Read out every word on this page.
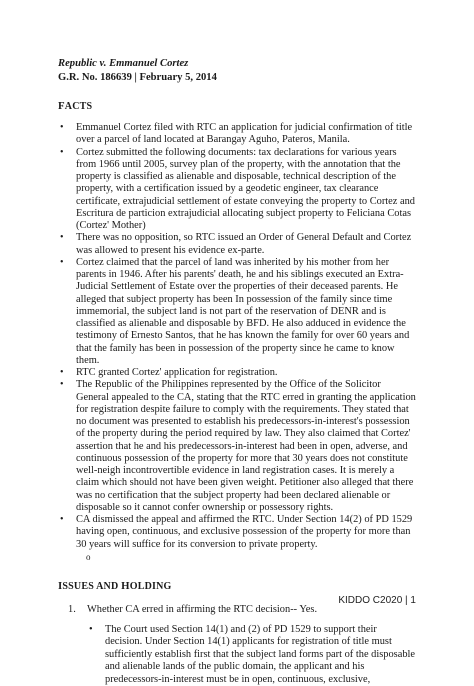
Republic v. Emmanuel Cortez
G.R. No. 186639 | February 5, 2014
FACTS
• Emmanuel Cortez filed with RTC an application for judicial confirmation of title over a parcel of land located at Barangay Aguho, Pateros, Manila.
• Cortez submitted the following documents: tax declarations for various years from 1966 until 2005, survey plan of the property, with the annotation that the property is classified as alienable and disposable, technical description of the property, with a certification issued by a geodetic engineer, tax clearance certificate, extrajudicial settlement of estate conveying the property to Cortez and Escritura de particion extrajudicial allocating subject property to Feliciana Cotas (Cortez' Mother)
• There was no opposition, so RTC issued an Order of General Default and Cortez was allowed to present his evidence ex-parte.
• Cortez claimed that the parcel of land was inherited by his mother from her parents in 1946. After his parents' death, he and his siblings executed an Extra-Judicial Settlement of Estate over the properties of their deceased parents. He alleged that subject property has been In possession of the family since time immemorial, the subject land is not part of the reservation of DENR and is classified as alienable and disposable by BFD. He also adduced in evidence the testimony of Ernesto Santos, that he has known the family for over 60 years and that the family has been in possession of the property since he came to know them.
• RTC granted Cortez' application for registration.
• The Republic of the Philippines represented by the Office of the Solicitor General appealed to the CA, stating that the RTC erred in granting the application for registration despite failure to comply with the requirements. They stated that no document was presented to establish his predecessors-in-interest's possession of the property during the period required by law. They also claimed that Cortez' assertion that he and his predecessors-in-interest had been in open, adverse, and continuous possession of the property for more that 30 years does not constitute well-neigh incontrovertible evidence in land registration cases. It is merely a claim which should not have been given weight. Petitioner also alleged that there was no certification that the subject property had been declared alienable or disposable so it cannot confer ownership or possessory rights.
• CA dismissed the appeal and affirmed the RTC. Under Section 14(2) of PD 1529 having open, continuous, and exclusive possession of the property for more than 30 years will suffice for its conversion to private property.
o
ISSUES AND HOLDING
1. Whether CA erred in affirming the RTC decision-- Yes.
• The Court used Section 14(1) and (2) of PD 1529 to support their decision. Under Section 14(1) applicants for registration of title must sufficiently establish first that the subject land forms part of the disposable and alienable lands of the public domain, the applicant and his predecessors-in-interest must be in open, continuous, exclusive,
KIDDO C2020 | 1
